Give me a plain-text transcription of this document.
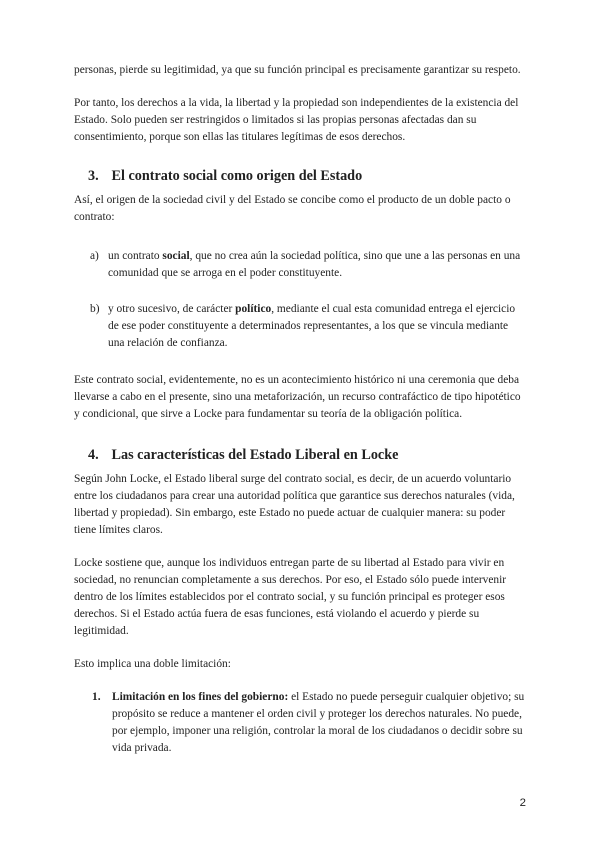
personas, pierde su legitimidad, ya que su función principal es precisamente garantizar su respeto.

Por tanto, los derechos a la vida, la libertad y la propiedad son independientes de la existencia del Estado. Solo pueden ser restringidos o limitados si las propias personas afectadas dan su consentimiento, porque son ellas las titulares legítimas de esos derechos.

3. El contrato social como origen del Estado

Así, el origen de la sociedad civil y del Estado se concibe como el producto de un doble pacto o contrato:

a) un contrato social, que no crea aún la sociedad política, sino que une a las personas en una comunidad que se arroga en el poder constituyente.
b) y otro sucesivo, de carácter político, mediante el cual esta comunidad entrega el ejercicio de ese poder constituyente a determinados representantes, a los que se vincula mediante una relación de confianza.

Este contrato social, evidentemente, no es un acontecimiento histórico ni una ceremonia que deba llevarse a cabo en el presente, sino una metaforización, un recurso contrafáctico de tipo hipotético y condicional, que sirve a Locke para fundamentar su teoría de la obligación política.

4. Las características del Estado Liberal en Locke

Según John Locke, el Estado liberal surge del contrato social, es decir, de un acuerdo voluntario entre los ciudadanos para crear una autoridad política que garantice sus derechos naturales (vida, libertad y propiedad). Sin embargo, este Estado no puede actuar de cualquier manera: su poder tiene límites claros.

Locke sostiene que, aunque los individuos entregan parte de su libertad al Estado para vivir en sociedad, no renuncian completamente a sus derechos. Por eso, el Estado sólo puede intervenir dentro de los límites establecidos por el contrato social, y su función principal es proteger esos derechos. Si el Estado actúa fuera de esas funciones, está violando el acuerdo y pierde su legitimidad.

Esto implica una doble limitación:

1.	Limitación en los fines del gobierno: el Estado no puede perseguir cualquier objetivo; su propósito se reduce a mantener el orden civil y proteger los derechos naturales. No puede, por ejemplo, imponer una religión, controlar la moral de los ciudadanos o decidir sobre su vida privada.
2
